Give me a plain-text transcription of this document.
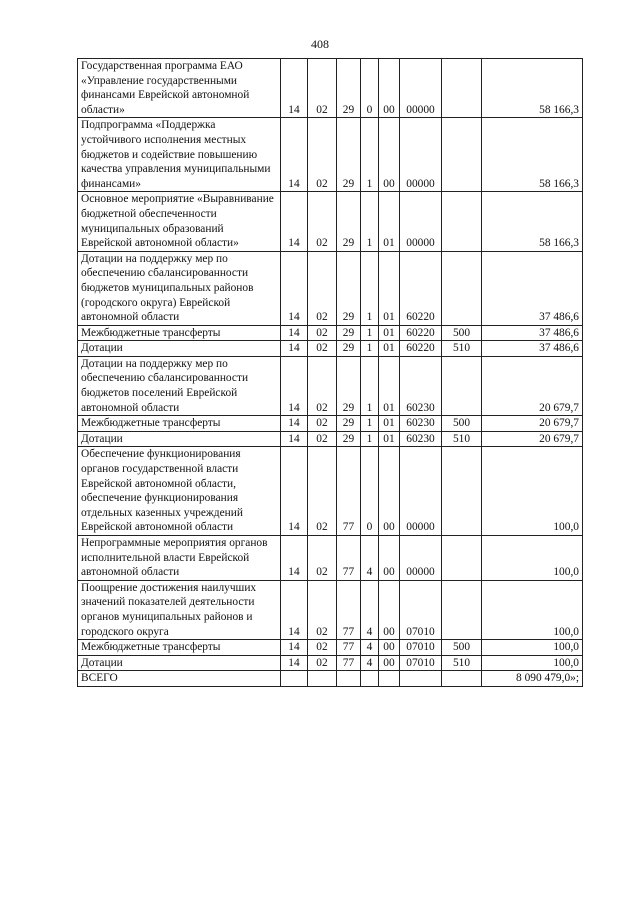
408
Государственная программа ЕАО «Управление государственными финансами Еврейской автономной области»	14	02	29	0	00	00000		58 166,3
Подпрограмма «Поддержка устойчивого исполнения местных бюджетов и содействие повышению качества управления муниципальными финансами»	14	02	29	1	00	00000		58 166,3
Основное мероприятие «Выравнивание бюджетной обеспеченности муниципальных образований Еврейской автономной области»	14	02	29	1	01	00000		58 166,3
Дотации на поддержку мер по обеспечению сбалансированности бюджетов муниципальных районов (городского округа) Еврейской автономной области	14	02	29	1	01	60220		37 486,6
Межбюджетные трансферты	14	02	29	1	01	60220	500	37 486,6
Дотации	14	02	29	1	01	60220	510	37 486,6
Дотации на поддержку мер по обеспечению сбалансированности бюджетов поселений Еврейской автономной области	14	02	29	1	01	60230		20 679,7
Межбюджетные трансферты	14	02	29	1	01	60230	500	20 679,7
Дотации	14	02	29	1	01	60230	510	20 679,7
Обеспечение функционирования органов государственной власти Еврейской автономной области, обеспечение функционирования отдельных казенных учреждений Еврейской автономной области	14	02	77	0	00	00000		100,0
Непрограммные мероприятия органов исполнительной власти Еврейской автономной области	14	02	77	4	00	00000		100,0
Поощрение достижения наилучших значений показателей деятельности органов муниципальных районов и городского округа	14	02	77	4	00	07010		100,0
Межбюджетные трансферты	14	02	77	4	00	07010	500	100,0
Дотации	14	02	77	4	00	07010	510	100,0
ВСЕГО								8 090 479,0»;
